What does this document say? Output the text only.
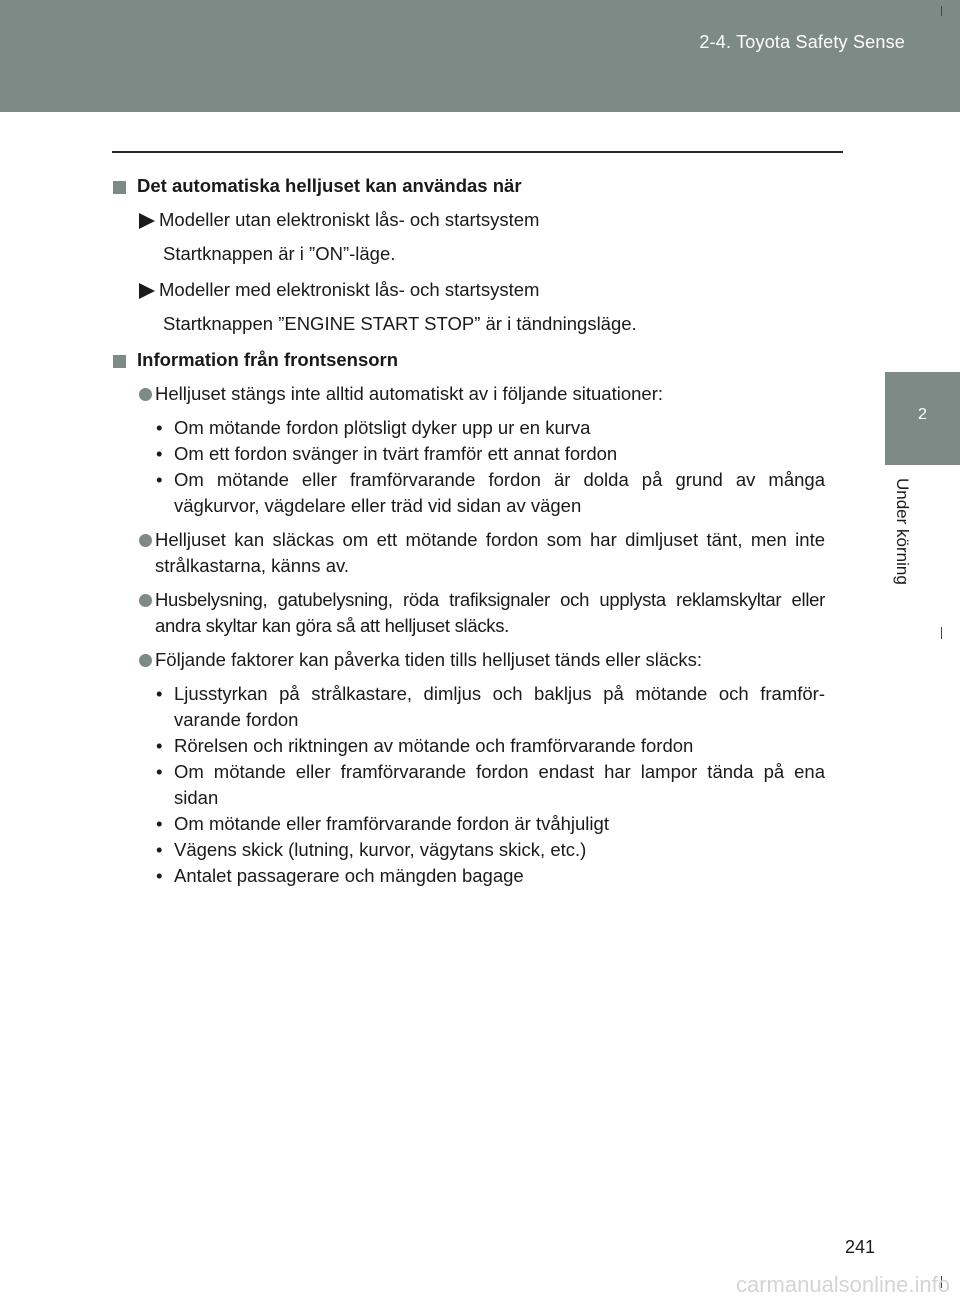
2-4. Toyota Safety Sense
2
Under körning

Det automatiska helljuset kan användas när

Modeller utan elektroniskt lås- och startsystem

Startknappen är i ”ON”-läge.

Modeller med elektroniskt lås- och startsystem

Startknappen ”ENGINE START STOP” är i tändningsläge.

Information från frontsensorn

Helljuset stängs inte alltid automatiskt av i följande situationer:

• Om mötande fordon plötsligt dyker upp ur en kurva
• Om ett fordon svänger in tvärt framför ett annat fordon
• Om mötande eller framförvarande fordon är dolda på grund av många vägkurvor, vägdelare eller träd vid sidan av vägen

Helljuset kan släckas om ett mötande fordon som har dimljuset tänt, men inte strålkastarna, känns av.

Husbelysning, gatubelysning, röda trafiksignaler och upplysta reklamskyltar eller andra skyltar kan göra så att helljuset släcks.

Följande faktorer kan påverka tiden tills helljuset tänds eller släcks:

• Ljusstyrkan på strålkastare, dimljus och bakljus på mötande och framför-varande fordon
• Rörelsen och riktningen av mötande och framförvarande fordon
• Om mötande eller framförvarande fordon endast har lampor tända på ena sidan
• Om mötande eller framförvarande fordon är tvåhjuligt
• Vägens skick (lutning, kurvor, vägytans skick, etc.)
• Antalet passagerare och mängden bagage
241
carmanualsonline.info
